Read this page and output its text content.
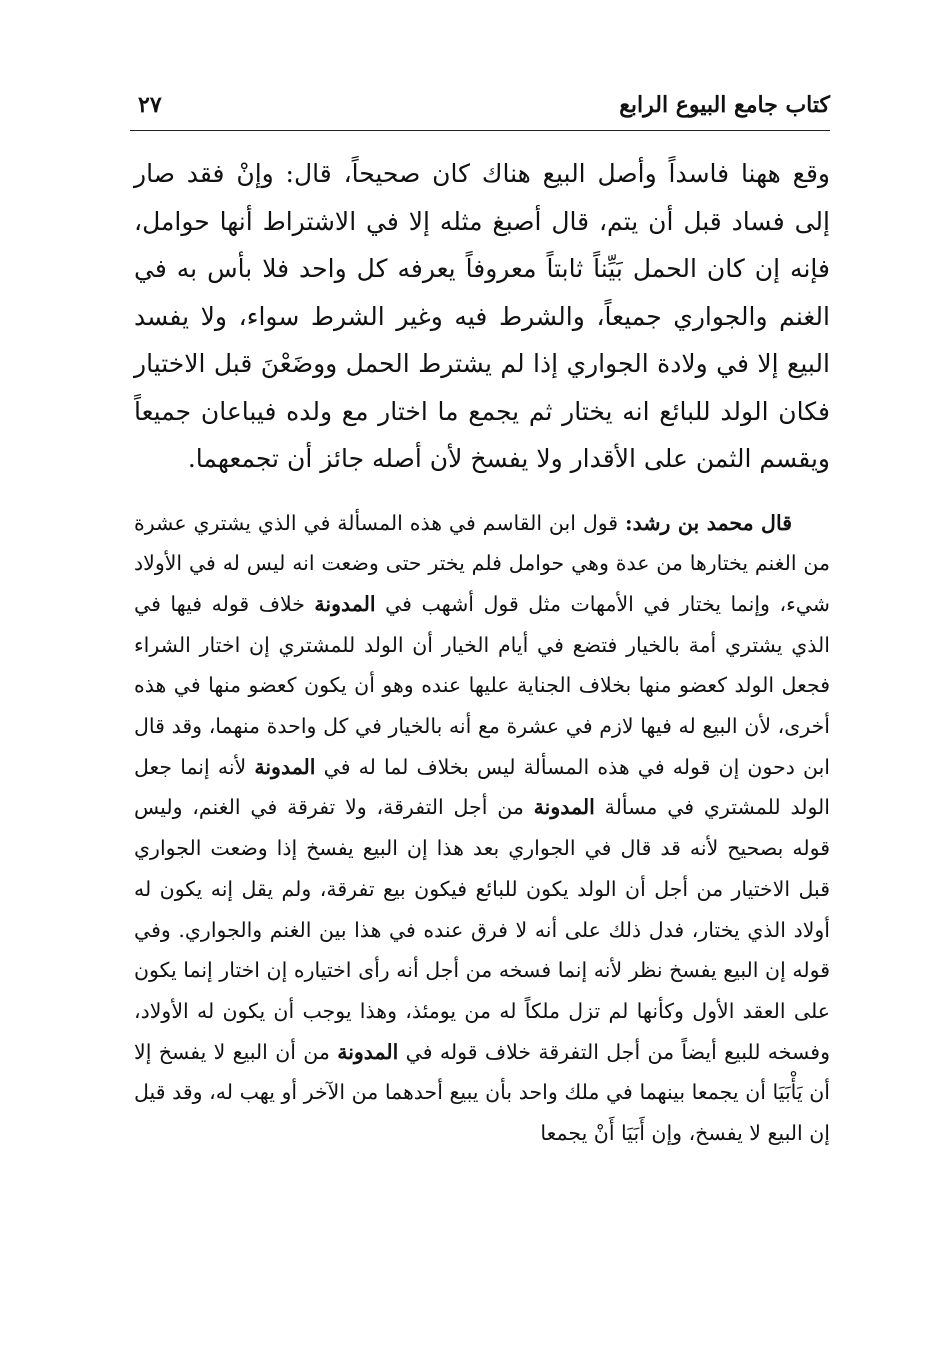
كتاب جامع البيوع الرابع
٢٧

وقع ههنا فاسداً وأصل البيع هناك كان صحيحاً، قال: وإنْ فقد صار إلى فساد قبل أن يتم، قال أصبغ مثله إلا في الاشتراط أنها حوامل، فإنه إن كان الحمل بَيِّناً ثابتاً معروفاً يعرفه كل واحد فلا بأس به في الغنم والجواري جميعاً، والشرط فيه وغير الشرط سواء، ولا يفسد البيع إلا في ولادة الجواري إذا لم يشترط الحمل ووضَعْنَ قبل الاختيار فكان الولد للبائع انه يختار ثم يجمع ما اختار مع ولده فيباعان جميعاً ويقسم الثمن على الأقدار ولا يفسخ لأن أصله جائز أن تجمعهما.

قال محمد بن رشد: قول ابن القاسم في هذه المسألة في الذي يشتري عشرة من الغنم يختارها من عدة وهي حوامل فلم يختر حتى وضعت انه ليس له في الأولاد شيء، وإنما يختار في الأمهات مثل قول أشهب في المدونة خلاف قوله فيها في الذي يشتري أمة بالخيار فتضع في أيام الخيار أن الولد للمشتري إن اختار الشراء فجعل الولد كعضو منها بخلاف الجناية عليها عنده وهو أن يكون كعضو منها في هذه أخرى، لأن البيع له فيها لازم في عشرة مع أنه بالخيار في كل واحدة منهما، وقد قال ابن دحون إن قوله في هذه المسألة ليس بخلاف لما له في المدونة لأنه إنما جعل الولد للمشتري في مسألة المدونة من أجل التفرقة، ولا تفرقة في الغنم، وليس قوله بصحيح لأنه قد قال في الجواري بعد هذا إن البيع يفسخ إذا وضعت الجواري قبل الاختيار من أجل أن الولد يكون للبائع فيكون بيع تفرقة، ولم يقل إنه يكون له أولاد الذي يختار، فدل ذلك على أنه لا فرق عنده في هذا بين الغنم والجواري. وفي قوله إن البيع يفسخ نظر لأنه إنما فسخه من أجل أنه رأى اختياره إن اختار إنما يكون على العقد الأول وكأنها لم تزل ملكاً له من يومئذ، وهذا يوجب أن يكون له الأولاد، وفسخه للبيع أيضاً من أجل التفرقة خلاف قوله في المدونة من أن البيع لا يفسخ إلا أن يَأْبَيَا أن يجمعا بينهما في ملك واحد بأن يبيع أحدهما من الآخر أو يهب له، وقد قيل إن البيع لا يفسخ، وإن أَبَيَا أَنْ يجمعا
